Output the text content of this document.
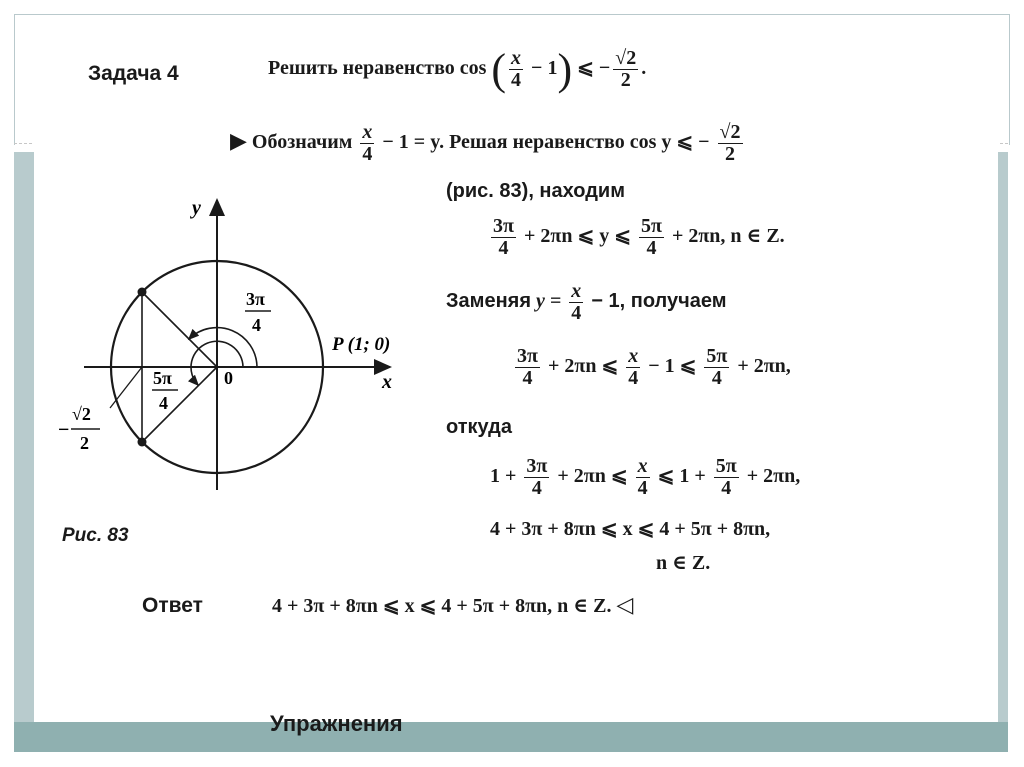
Задача 4	Решить неравенство cos ( $\frac{x}{4} - 1$) ⩽ − $\frac{√2}{2}$ .
▶ Обозначим $\frac{x}{4} - 1 = y$. Решая неравенство cos y ⩽ − $\frac{√2}{2}$
(рис. 83), находим
$\frac{3\pi}{4} + 2\pi n$ ⩽ y ⩽ $\frac{5\pi}{4} + 2\pi n$, n ∈ Z.
Заменяя $y = \frac{x}{4} - 1$, получаем
$\frac{3\pi}{4} + 2\pi n$ ⩽ $\frac{x}{4} - 1$ ⩽ $\frac{5\pi}{4} + 2\pi n$,
откуда
$1 + \frac{3\pi}{4} + 2\pi n$ ⩽ $\frac{x}{4}$ ⩽ $1 + \frac{5\pi}{4} + 2\pi n$,
4 + 3π + 8πn ⩽ x ⩽ 4 + 5π + 8πn,
n ∈ Z.
y
x
0
P (1; 0)
3π
4
5π
4
−
√2
2
Рис. 83
Ответ	4 + 3π + 8πn ⩽ x ⩽ 4 + 5π + 8πn, n ∈ Z. ◁
